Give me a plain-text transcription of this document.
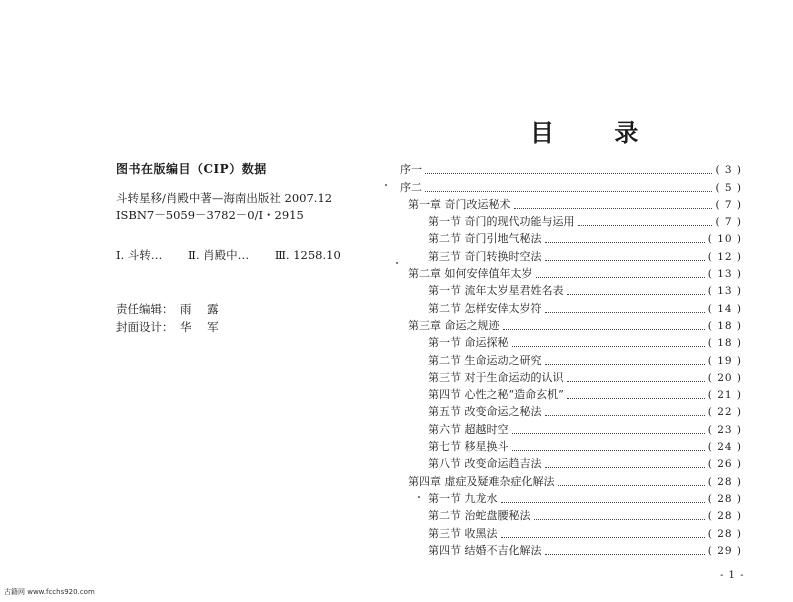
图书在版编目（CIP）数据
斗转星移/肖殿中著—海南出版社 2007.12
ISBN7－5059－3782－0/I・2915
Ⅰ. 斗转… Ⅱ. 肖殿中… Ⅲ. 1258.10
责任编辑： 雨 露
封面设计： 华 军
目 录
序一	( 3 )
序二	( 5 )
第一章 奇门改运秘术	( 7 )
第一节 奇门的现代功能与运用	( 7 )
第二节 奇门引地气秘法	( 10 )
第三节 奇门转换时空法	( 12 )
第二章 如何安倖值年太岁	( 13 )
第一节 流年太岁星君姓名表	( 13 )
第二节 怎样安倖太岁符	( 14 )
第三章 命运之规迹	( 18 )
第一节 命运探秘	( 18 )
第二节 生命运动之研究	( 19 )
第三节 对于生命运动的认识	( 20 )
第四节 心性之秘“造命玄机”	( 21 )
第五节 改变命运之秘法	( 22 )
第六节 超越时空	( 23 )
第七节 移星换斗	( 24 )
第八节 改变命运趋吉法	( 26 )
第四章 虚症及疑难杂症化解法	( 28 )
第一节 九龙水	( 28 )
第二节 治蛇盘腰秘法	( 28 )
第三节 收黑法	( 28 )
第四节 结婚不吉化解法	( 29 )
- 1 -
古籍网 www.fcchs920.com
